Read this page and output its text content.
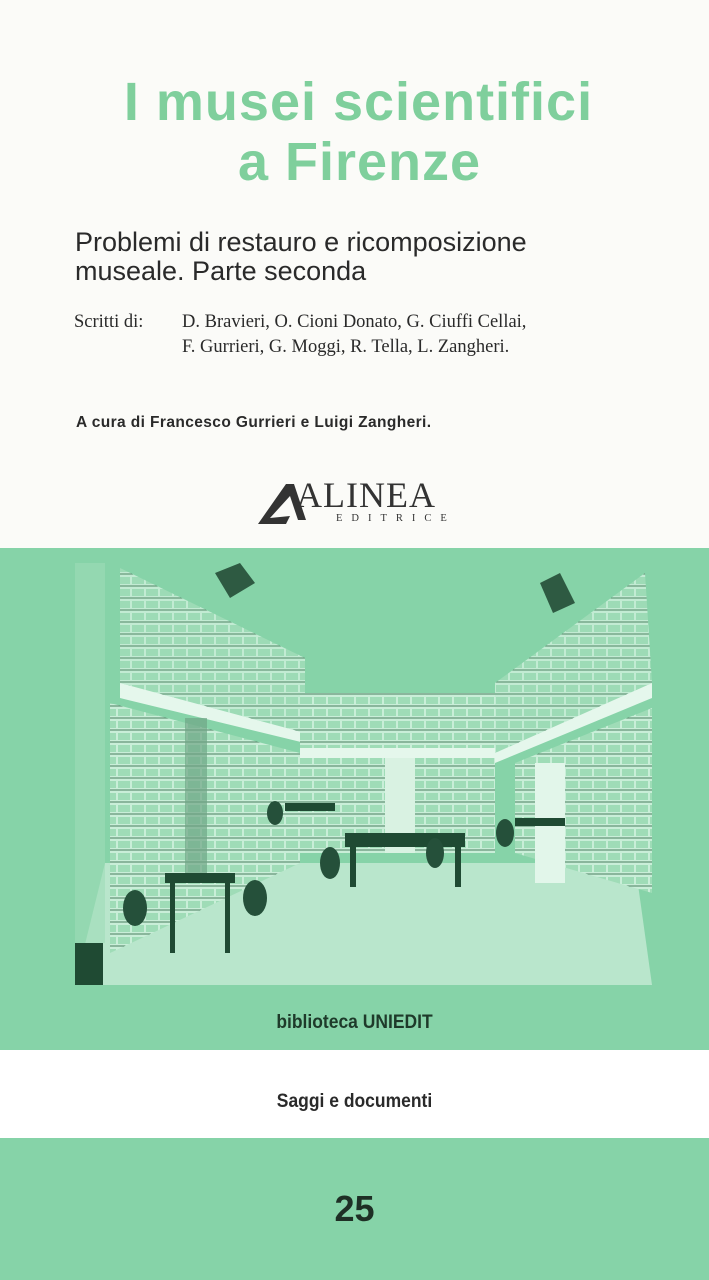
I musei scientifici
a Firenze
Problemi di restauro e ricomposizione
museale. Parte seconda
Scritti di:	D. Bravieri, O. Cioni Donato, G. Ciuffi Cellai,
F. Gurrieri, G. Moggi, R. Tella, L. Zangheri.
A cura di Francesco Gurrieri e Luigi Zangheri.
ALINEA
EDITRICE
biblioteca UNIEDIT
Saggi e documenti
25
